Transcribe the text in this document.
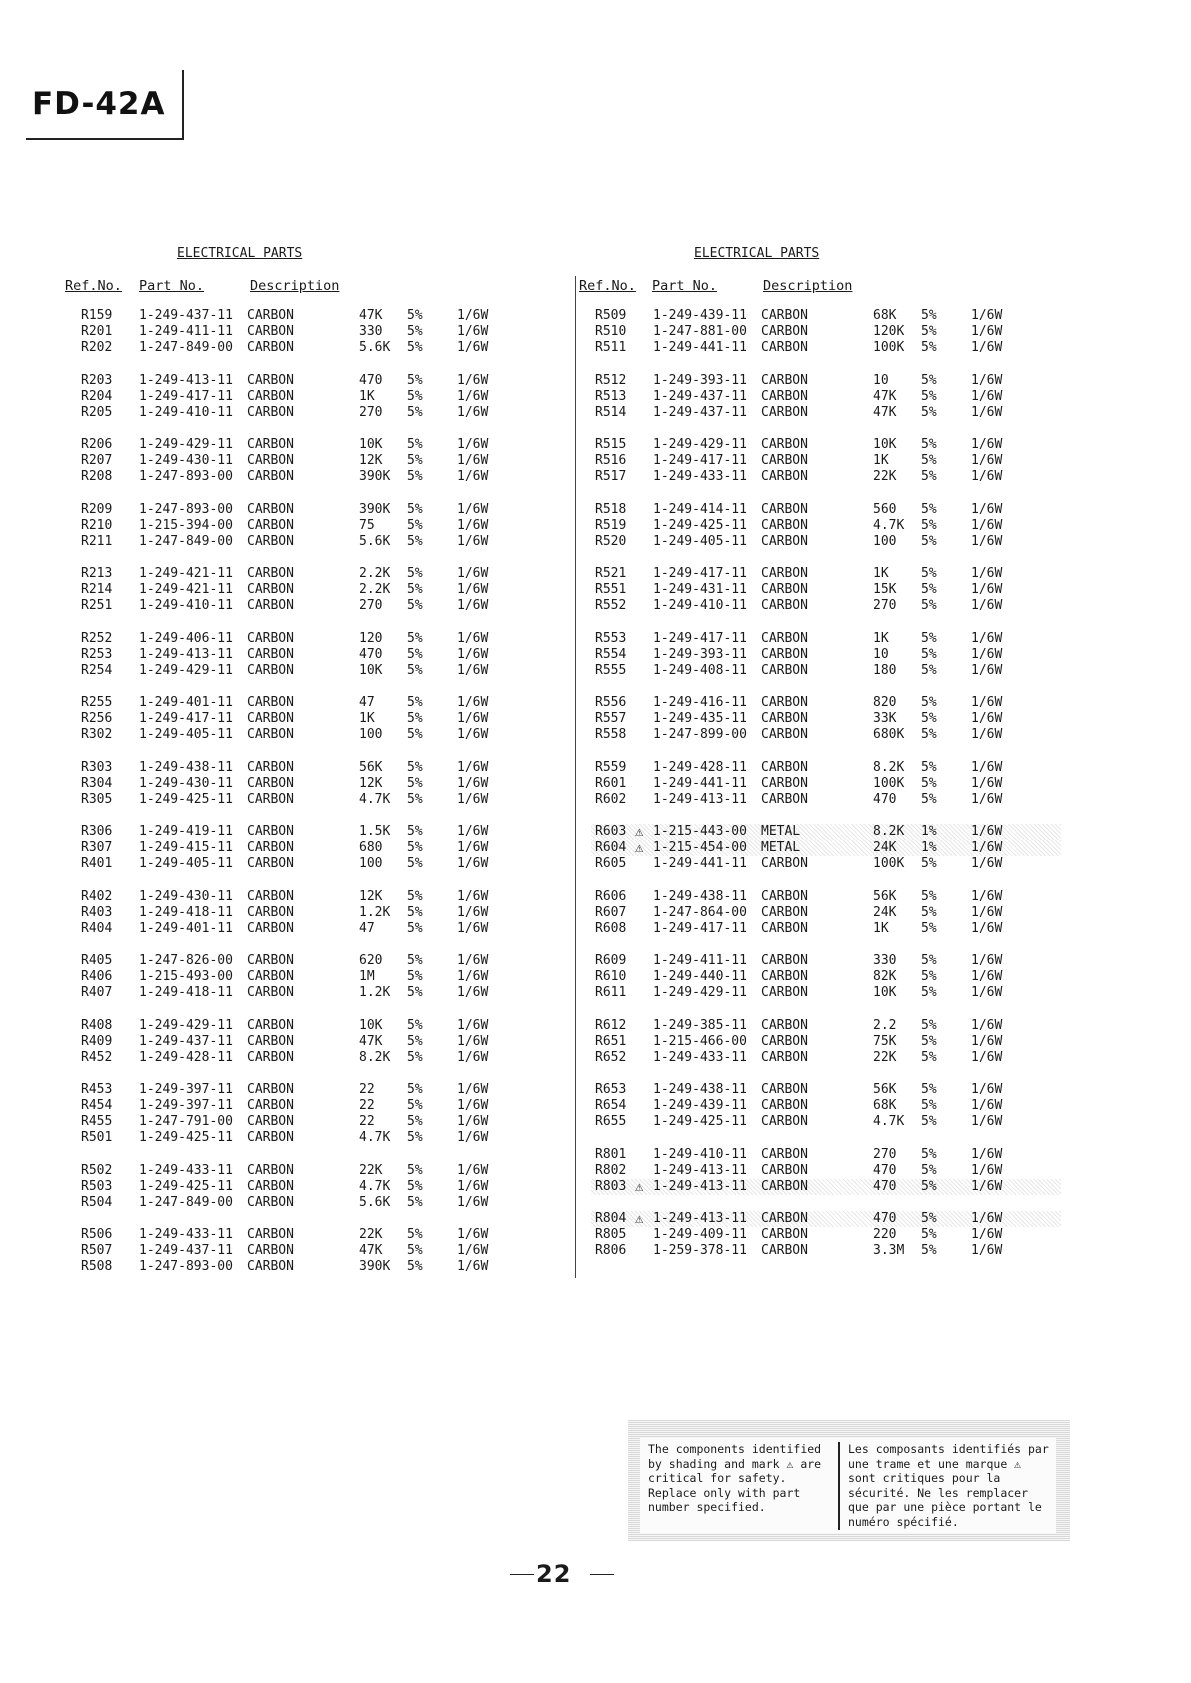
FD-42A
ELECTRICAL PARTS	ELECTRICAL PARTS
Ref.No. Part No.	Description	Ref.No. Part No.	Description
R159 1-249-437-11 CARBON	47K 5%	1/6W
R201 1-249-411-11 CARBON	330 5%	1/6W
R202 1-247-849-00 CARBON	5.6K 5%	1/6W
R203 1-249-413-11 CARBON	470 5%	1/6W
R204 1-249-417-11 CARBON	1K 5%	1/6W
R205 1-249-410-11 CARBON	270 5%	1/6W
R206 1-249-429-11 CARBON	10K 5%	1/6W
R207 1-249-430-11 CARBON	12K 5%	1/6W
R208 1-247-893-00 CARBON	390K 5%	1/6W
R209 1-247-893-00 CARBON	390K 5%	1/6W
R210 1-215-394-00 CARBON	75 5%	1/6W
R211 1-247-849-00 CARBON	5.6K 5%	1/6W
R213 1-249-421-11 CARBON	2.2K 5%	1/6W
R214 1-249-421-11 CARBON	2.2K 5%	1/6W
R251 1-249-410-11 CARBON	270 5%	1/6W
R252 1-249-406-11 CARBON	120 5%	1/6W
R253 1-249-413-11 CARBON	470 5%	1/6W
R254 1-249-429-11 CARBON	10K 5%	1/6W
R255 1-249-401-11 CARBON	47 5%	1/6W
R256 1-249-417-11 CARBON	1K 5%	1/6W
R302 1-249-405-11 CARBON	100 5%	1/6W
R303 1-249-438-11 CARBON	56K 5%	1/6W
R304 1-249-430-11 CARBON	12K 5%	1/6W
R305 1-249-425-11 CARBON	4.7K 5%	1/6W
R306 1-249-419-11 CARBON	1.5K 5%	1/6W
R307 1-249-415-11 CARBON	680 5%	1/6W
R401 1-249-405-11 CARBON	100 5%	1/6W
R402 1-249-430-11 CARBON	12K 5%	1/6W
R403 1-249-418-11 CARBON	1.2K 5%	1/6W
R404 1-249-401-11 CARBON	47 5%	1/6W
R405 1-247-826-00 CARBON	620 5%	1/6W
R406 1-215-493-00 CARBON	1M 5%	1/6W
R407 1-249-418-11 CARBON	1.2K 5%	1/6W
R408 1-249-429-11 CARBON	10K 5%	1/6W
R409 1-249-437-11 CARBON	47K 5%	1/6W
R452 1-249-428-11 CARBON	8.2K 5%	1/6W
R453 1-249-397-11 CARBON	22 5%	1/6W
R454 1-249-397-11 CARBON	22 5%	1/6W
R455 1-247-791-00 CARBON	22 5%	1/6W
R501 1-249-425-11 CARBON	4.7K 5%	1/6W
R502 1-249-433-11 CARBON	22K 5%	1/6W
R503 1-249-425-11 CARBON	4.7K 5%	1/6W
R504 1-247-849-00 CARBON	5.6K 5%	1/6W
R506 1-249-433-11 CARBON	22K 5%	1/6W
R507 1-249-437-11 CARBON	47K 5%	1/6W
R508 1-247-893-00 CARBON	390K 5%	1/6W
R509 1-249-439-11 CARBON	68K 5%	1/6W
R510 1-247-881-00 CARBON	120K 5%	1/6W
R511 1-249-441-11 CARBON	100K 5%	1/6W
R512 1-249-393-11 CARBON	10 5%	1/6W
R513 1-249-437-11 CARBON	47K 5%	1/6W
R514 1-249-437-11 CARBON	47K 5%	1/6W
R515 1-249-429-11 CARBON	10K 5%	1/6W
R516 1-249-417-11 CARBON	1K 5%	1/6W
R517 1-249-433-11 CARBON	22K 5%	1/6W
R518 1-249-414-11 CARBON	560 5%	1/6W
R519 1-249-425-11 CARBON	4.7K 5%	1/6W
R520 1-249-405-11 CARBON	100 5%	1/6W
R521 1-249-417-11 CARBON	1K 5%	1/6W
R551 1-249-431-11 CARBON	15K 5%	1/6W
R552 1-249-410-11 CARBON	270 5%	1/6W
R553 1-249-417-11 CARBON	1K 5%	1/6W
R554 1-249-393-11 CARBON	10 5%	1/6W
R555 1-249-408-11 CARBON	180 5%	1/6W
R556 1-249-416-11 CARBON	820 5%	1/6W
R557 1-249-435-11 CARBON	33K 5%	1/6W
R558 1-247-899-00 CARBON	680K 5%	1/6W
R559 1-249-428-11 CARBON	8.2K 5%	1/6W
R601 1-249-441-11 CARBON	100K 5%	1/6W
R602 1-249-413-11 CARBON	470 5%	1/6W
⚠
R603 1-215-443-00 METAL	8.2K 1%	1/6W
⚠
R604 1-215-454-00 METAL	24K 1%	1/6W
R605 1-249-441-11 CARBON	100K 5%	1/6W
R606 1-249-438-11 CARBON	56K 5%	1/6W
R607 1-247-864-00 CARBON	24K 5%	1/6W
R608 1-249-417-11 CARBON	1K 5%	1/6W
R609 1-249-411-11 CARBON	330 5%	1/6W
R610 1-249-440-11 CARBON	82K 5%	1/6W
R611 1-249-429-11 CARBON	10K 5%	1/6W
R612 1-249-385-11 CARBON	2.2 5%	1/6W
R651 1-215-466-00 CARBON	75K 5%	1/6W
R652 1-249-433-11 CARBON	22K 5%	1/6W
R653 1-249-438-11 CARBON	56K 5%	1/6W
R654 1-249-439-11 CARBON	68K 5%	1/6W
R655 1-249-425-11 CARBON	4.7K 5%	1/6W
R801 1-249-410-11 CARBON	270 5%	1/6W
R802 1-249-413-11 CARBON	470 5%	1/6W
⚠
R803 1-249-413-11 CARBON	470 5%	1/6W
⚠
R804 1-249-413-11 CARBON	470 5%	1/6W
R805 1-249-409-11 CARBON	220 5%	1/6W
R806 1-259-378-11 CARBON	3.3M 5%	1/6W
The components identified by shading and mark ⚠ are critical for safety. Replace only with part number specified.
Les composants identifiés par une trame et une marque ⚠ sont critiques pour la sécurité. Ne les remplacer que par une pièce portant le numéro spécifié.
22
